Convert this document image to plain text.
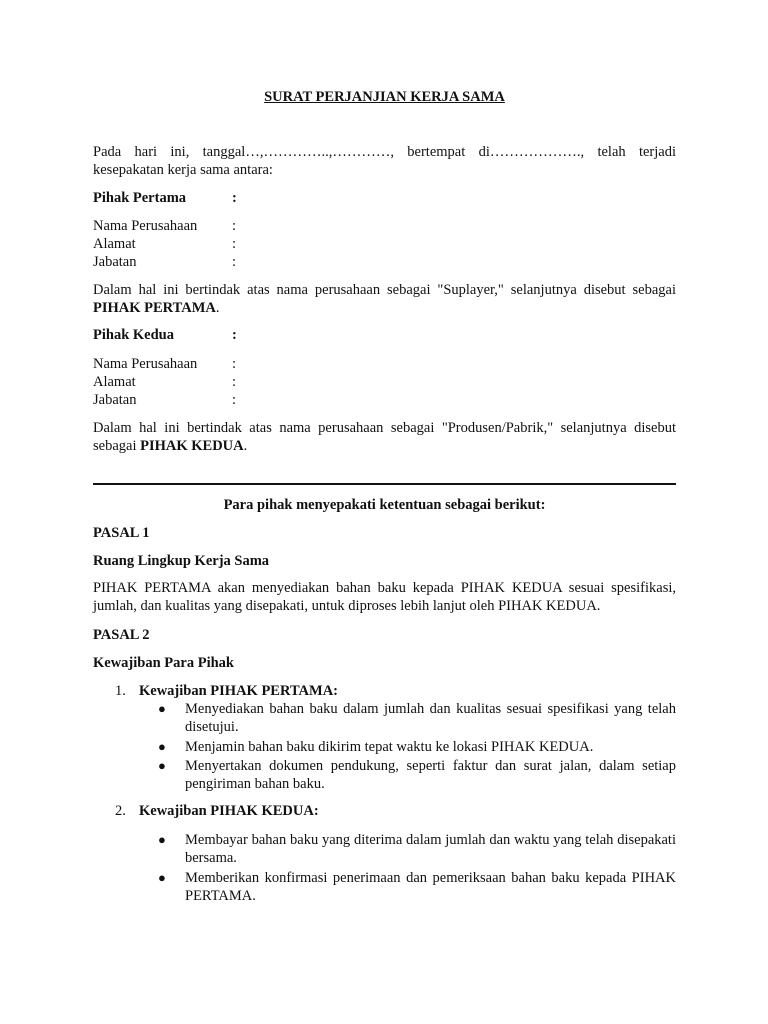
SURAT PERJANJIAN KERJA SAMA
Pada hari ini, tanggal…,…………..,…………, bertempat di………………., telah terjadi kesepakatan kerja sama antara:
Pihak Pertama	:
Nama Perusahaan :
Alamat	:
Jabatan	:
Dalam hal ini bertindak atas nama perusahaan sebagai "Suplayer," selanjutnya disebut sebagai PIHAK PERTAMA.
Pihak Kedua	:
Nama Perusahaan :
Alamat	:
Jabatan	:
Dalam hal ini bertindak atas nama perusahaan sebagai "Produsen/Pabrik," selanjutnya disebut sebagai PIHAK KEDUA.
Para pihak menyepakati ketentuan sebagai berikut:
PASAL 1
Ruang Lingkup Kerja Sama
PIHAK PERTAMA akan menyediakan bahan baku kepada PIHAK KEDUA sesuai spesifikasi, jumlah, dan kualitas yang disepakati, untuk diproses lebih lanjut oleh PIHAK KEDUA.
PASAL 2
Kewajiban Para Pihak
1. Kewajiban PIHAK PERTAMA:
● Menyediakan bahan baku dalam jumlah dan kualitas sesuai spesifikasi yang telah disetujui.
● Menjamin bahan baku dikirim tepat waktu ke lokasi PIHAK KEDUA.
● Menyertakan dokumen pendukung, seperti faktur dan surat jalan, dalam setiap pengiriman bahan baku.
2. Kewajiban PIHAK KEDUA:
● Membayar bahan baku yang diterima dalam jumlah dan waktu yang telah disepakati bersama.
● Memberikan konfirmasi penerimaan dan pemeriksaan bahan baku kepada PIHAK PERTAMA.
